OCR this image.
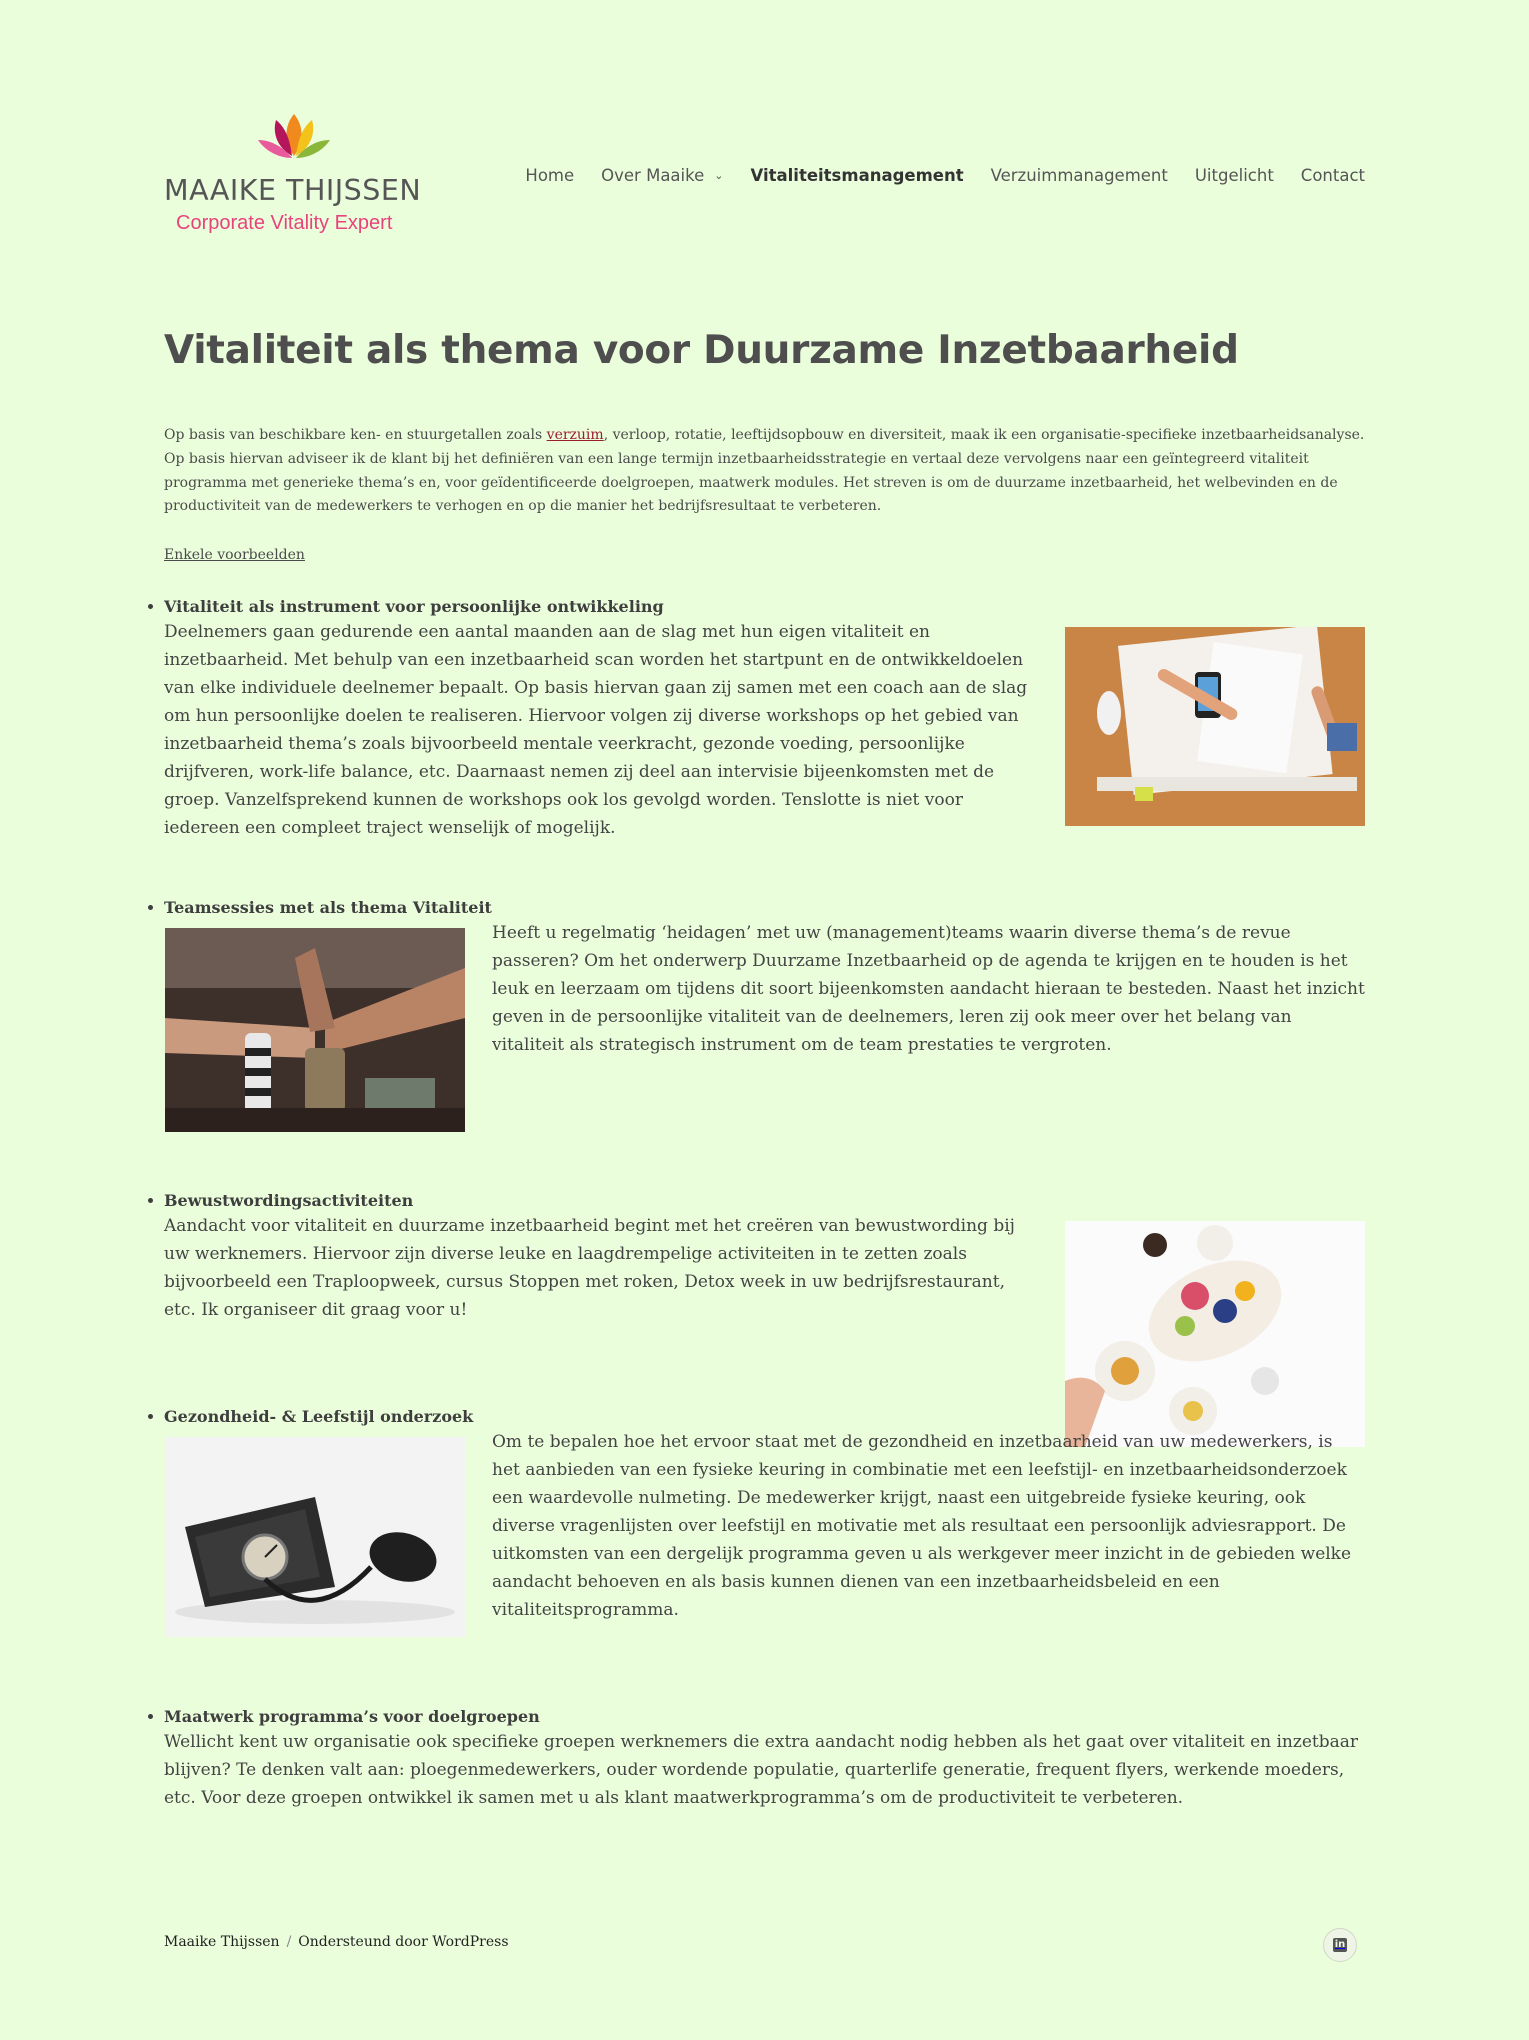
MAAIKE THIJSSEN
Corporate Vitality Expert
Home Over Maaike ⌄ Vitaliteitsmanagement Verzuimmanagement Uitgelicht Contact
Vitaliteit als thema voor Duurzame Inzetbaarheid

Op basis van beschikbare ken- en stuurgetallen zoals verzuim, verloop, rotatie, leeftijdsopbouw en diversiteit, maak ik een organisatie-specifieke inzetbaarheidsanalyse. Op basis hiervan adviseer ik de klant bij het definiëren van een lange termijn inzetbaarheidsstrategie en vertaal deze vervolgens naar een geïntegreerd vitaliteit programma met generieke thema’s en, voor geïdentificeerde doelgroepen, maatwerk modules. Het streven is om de duurzame inzetbaarheid, het welbevinden en de productiviteit van de medewerkers te verhogen en op die manier het bedrijfsresultaat te verbeteren.

Enkele voorbeelden
Vitaliteit als instrument voor persoonlijke ontwikkeling

Deelnemers gaan gedurende een aantal maanden aan de slag met hun eigen vitaliteit en inzetbaarheid. Met behulp van een inzetbaarheid scan worden het startpunt en de ontwikkeldoelen van elke individuele deelnemer bepaalt. Op basis hiervan gaan zij samen met een coach aan de slag om hun persoonlijke doelen te realiseren. Hiervoor volgen zij diverse workshops op het gebied van inzetbaarheid thema’s zoals bijvoorbeeld mentale veerkracht, gezonde voeding, persoonlijke drijfveren, work-life balance, etc. Daarnaast nemen zij deel aan intervisie bijeenkomsten met de groep. Vanzelfsprekend kunnen de workshops ook los gevolgd worden. Tenslotte is niet voor iedereen een compleet traject wenselijk of mogelijk.

Teamsessies met als thema Vitaliteit

Heeft u regelmatig ‘heidagen’ met uw (management)teams waarin diverse thema’s de revue passeren? Om het onderwerp Duurzame Inzetbaarheid op de agenda te krijgen en te houden is het leuk en leerzaam om tijdens dit soort bijeenkomsten aandacht hieraan te besteden. Naast het inzicht geven in de persoonlijke vitaliteit van de deelnemers, leren zij ook meer over het belang van vitaliteit als strategisch instrument om de team prestaties te vergroten.

Bewustwordingsactiviteiten

Aandacht voor vitaliteit en duurzame inzetbaarheid begint met het creëren van bewustwording bij uw werknemers. Hiervoor zijn diverse leuke en laagdrempelige activiteiten in te zetten zoals bijvoorbeeld een Traploopweek, cursus Stoppen met roken, Detox week in uw bedrijfsrestaurant, etc. Ik organiseer dit graag voor u!

Gezondheid- & Leefstijl onderzoek

Om te bepalen hoe het ervoor staat met de gezondheid en inzetbaarheid van uw medewerkers, is het aanbieden van een fysieke keuring in combinatie met een leefstijl- en inzetbaarheidsonderzoek een waardevolle nulmeting. De medewerker krijgt, naast een uitgebreide fysieke keuring, ook diverse vragenlijsten over leefstijl en motivatie met als resultaat een persoonlijk adviesrapport. De uitkomsten van een dergelijk programma geven u als werkgever meer inzicht in de gebieden welke aandacht behoeven en als basis kunnen dienen van een inzetbaarheidsbeleid en een vitaliteitsprogramma.

Maatwerk programma’s voor doelgroepen

Wellicht kent uw organisatie ook specifieke groepen werknemers die extra aandacht nodig hebben als het gaat over vitaliteit en inzetbaar blijven? Te denken valt aan: ploegenmedewerkers, ouder wordende populatie, quarterlife generatie, frequent flyers, werkende moeders, etc. Voor deze groepen ontwikkel ik samen met u als klant maatwerkprogramma’s om de productiviteit te verbeteren.

Maaike Thijssen / Ondersteund door WordPress	in
